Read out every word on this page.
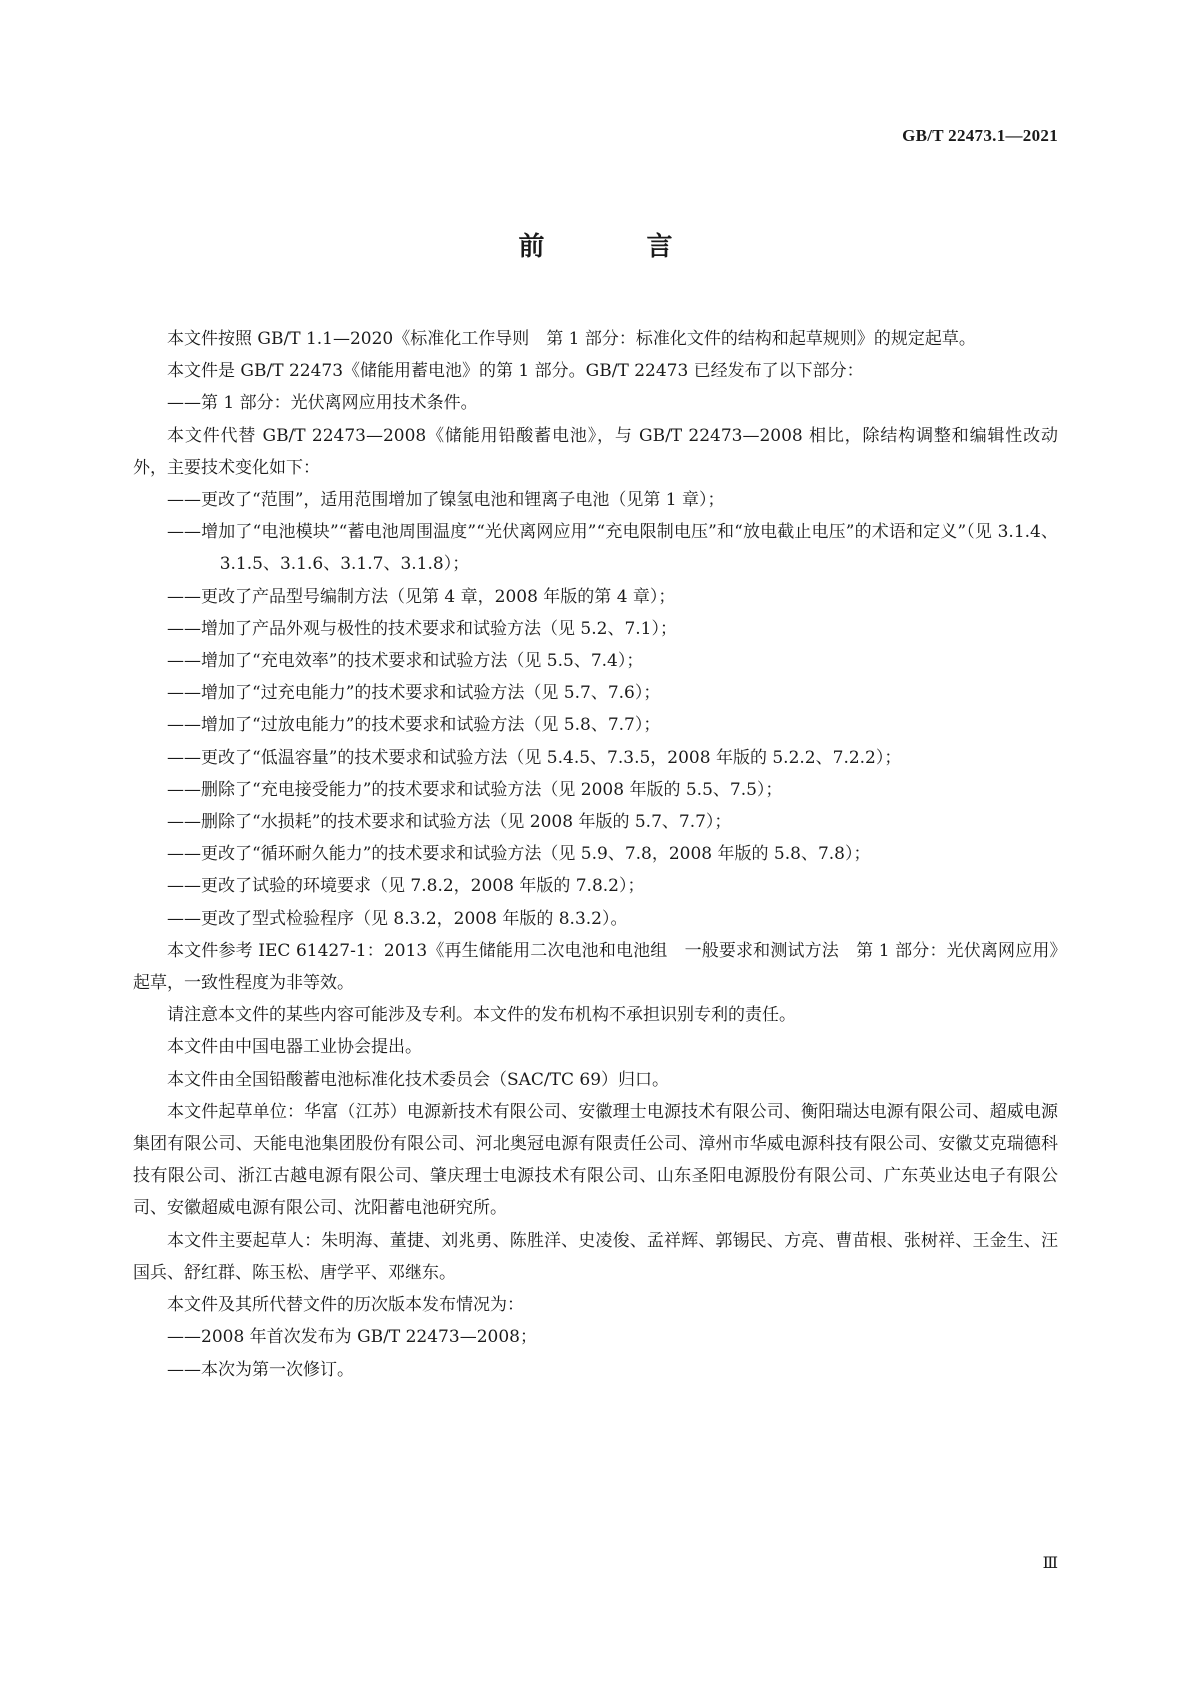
GB/T 22473.1—2021
前　言

本文件按照 GB/T 1.1—2020《标准化工作导则　第 1 部分：标准化文件的结构和起草规则》的规定起草。

本文件是 GB/T 22473《储能用蓄电池》的第 1 部分。GB/T 22473 已经发布了以下部分：

——第 1 部分：光伏离网应用技术条件。

本文件代替 GB/T 22473—2008《储能用铅酸蓄电池》，与 GB/T 22473—2008 相比，除结构调整和编辑性改动外，主要技术变化如下：

——更改了“范围”，适用范围增加了镍氢电池和锂离子电池（见第 1 章）；

——增加了“电池模块”“蓄电池周围温度”“光伏离网应用”“充电限制电压”和“放电截止电压”的术语和定义”（见 3.1.4、3.1.5、3.1.6、3.1.7、3.1.8）；

——更改了产品型号编制方法（见第 4 章，2008 年版的第 4 章）；

——增加了产品外观与极性的技术要求和试验方法（见 5.2、7.1）；

——增加了“充电效率”的技术要求和试验方法（见 5.5、7.4）；

——增加了“过充电能力”的技术要求和试验方法（见 5.7、7.6）；

——增加了“过放电能力”的技术要求和试验方法（见 5.8、7.7）；

——更改了“低温容量”的技术要求和试验方法（见 5.4.5、7.3.5，2008 年版的 5.2.2、7.2.2）；

——删除了“充电接受能力”的技术要求和试验方法（见 2008 年版的 5.5、7.5）；

——删除了“水损耗”的技术要求和试验方法（见 2008 年版的 5.7、7.7）；

——更改了“循环耐久能力”的技术要求和试验方法（见 5.9、7.8，2008 年版的 5.8、7.8）；

——更改了试验的环境要求（见 7.8.2，2008 年版的 7.8.2）；

——更改了型式检验程序（见 8.3.2，2008 年版的 8.3.2）。

本文件参考 IEC 61427-1：2013《再生储能用二次电池和电池组　一般要求和测试方法　第 1 部分：光伏离网应用》起草，一致性程度为非等效。

请注意本文件的某些内容可能涉及专利。本文件的发布机构不承担识别专利的责任。

本文件由中国电器工业协会提出。

本文件由全国铅酸蓄电池标准化技术委员会（SAC/TC 69）归口。

本文件起草单位：华富（江苏）电源新技术有限公司、安徽理士电源技术有限公司、衡阳瑞达电源有限公司、超威电源集团有限公司、天能电池集团股份有限公司、河北奥冠电源有限责任公司、漳州市华威电源科技有限公司、安徽艾克瑞德科技有限公司、浙江古越电源有限公司、肇庆理士电源技术有限公司、山东圣阳电源股份有限公司、广东英业达电子有限公司、安徽超威电源有限公司、沈阳蓄电池研究所。

本文件主要起草人：朱明海、董捷、刘兆勇、陈胜洋、史凌俊、孟祥辉、郭锡民、方亮、曹苗根、张树祥、王金生、汪国兵、舒红群、陈玉松、唐学平、邓继东。

本文件及其所代替文件的历次版本发布情况为：

——2008 年首次发布为 GB/T 22473—2008；

——本次为第一次修订。

Ⅲ
